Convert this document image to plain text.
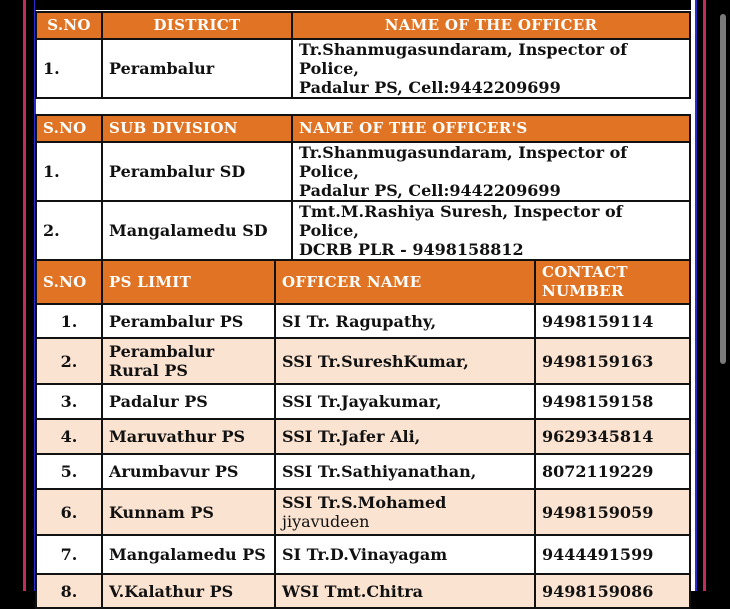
S.NO	DISTRICT	NAME OF THE OFFICER
1.	Perambalur	Tr.Shanmugasundaram, Inspector of Police,
Padalur PS, Cell:9442209699
S.NO	SUB DIVISION	NAME OF THE OFFICER'S
1.	Perambalur SD	Tr.Shanmugasundaram, Inspector of Police,
Padalur PS, Cell:9442209699

2.	Mangalamedu SD	Tmt.M.Rashiya Suresh, Inspector of Police,
DCRB PLR - 9498158812
S.NO	PS LIMIT	OFFICER NAME	CONTACT
NUMBER

1.	Perambalur PS	SI Tr. Ragupathy,	9498159114
2.	Perambalur
Rural PS	SSI Tr.SureshKumar,	9498159163
3.	Padalur PS	SSI Tr.Jayakumar,	9498159158
4.	Maruvathur PS	SSI Tr.Jafer Ali,	9629345814
5.	Arumbavur PS	SSI Tr.Sathiyanathan,	8072119229
6.	Kunnam PS	SSI Tr.S.Mohamed
jiyavudeen	9498159059
7.	Mangalamedu PS	SI Tr.D.Vinayagam	9444491599
8.	V.Kalathur PS	WSI Tmt.Chitra	9498159086
